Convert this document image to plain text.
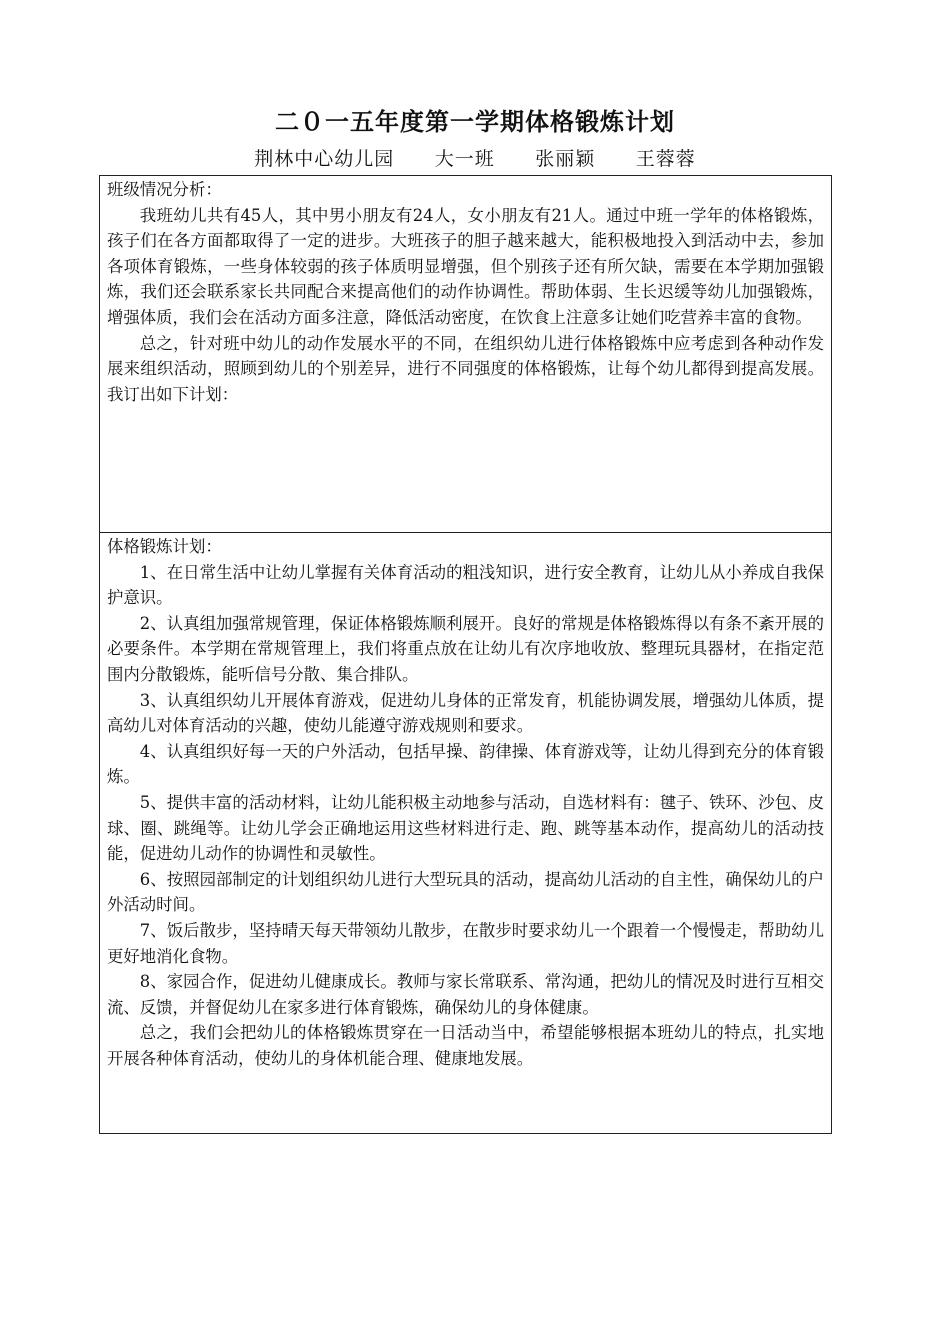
二０一五年度第一学期体格锻炼计划
荆林中心幼儿园 大一班 张丽颖 王蓉蓉

班级情况分析：

我班幼儿共有45人，其中男小朋友有24人，女小朋友有21人。通过中班一学年的体格锻炼，孩子们在各方面都取得了一定的进步。大班孩子的胆子越来越大，能积极地投入到活动中去，参加各项体育锻炼，一些身体较弱的孩子体质明显增强，但个别孩子还有所欠缺，需要在本学期加强锻炼，我们还会联系家长共同配合来提高他们的动作协调性。帮助体弱、生长迟缓等幼儿加强锻炼，增强体质，我们会在活动方面多注意，降低活动密度，在饮食上注意多让她们吃营养丰富的食物。

总之，针对班中幼儿的动作发展水平的不同，在组织幼儿进行体格锻炼中应考虑到各种动作发展来组织活动，照顾到幼儿的个别差异，进行不同强度的体格锻炼，让每个幼儿都得到提高发展。我订出如下计划：

体格锻炼计划：

1、在日常生活中让幼儿掌握有关体育活动的粗浅知识，进行安全教育，让幼儿从小养成自我保护意识。

2、认真组加强常规管理，保证体格锻炼顺利展开。良好的常规是体格锻炼得以有条不紊开展的必要条件。本学期在常规管理上，我们将重点放在让幼儿有次序地收放、整理玩具器材，在指定范围内分散锻炼，能听信号分散、集合排队。

3、认真组织幼儿开展体育游戏，促进幼儿身体的正常发育，机能协调发展，增强幼儿体质，提高幼儿对体育活动的兴趣，使幼儿能遵守游戏规则和要求。

4、认真组织好每一天的户外活动，包括早操、韵律操、体育游戏等，让幼儿得到充分的体育锻炼。

5、提供丰富的活动材料，让幼儿能积极主动地参与活动，自选材料有：毽子、铁环、沙包、皮球、圈、跳绳等。让幼儿学会正确地运用这些材料进行走、跑、跳等基本动作，提高幼儿的活动技能，促进幼儿动作的协调性和灵敏性。

6、按照园部制定的计划组织幼儿进行大型玩具的活动，提高幼儿活动的自主性，确保幼儿的户外活动时间。

7、饭后散步，坚持晴天每天带领幼儿散步，在散步时要求幼儿一个跟着一个慢慢走，帮助幼儿更好地消化食物。

8、家园合作，促进幼儿健康成长。教师与家长常联系、常沟通，把幼儿的情况及时进行互相交流、反馈，并督促幼儿在家多进行体育锻炼，确保幼儿的身体健康。

总之，我们会把幼儿的体格锻炼贯穿在一日活动当中，希望能够根据本班幼儿的特点，扎实地开展各种体育活动，使幼儿的身体机能合理、健康地发展。
